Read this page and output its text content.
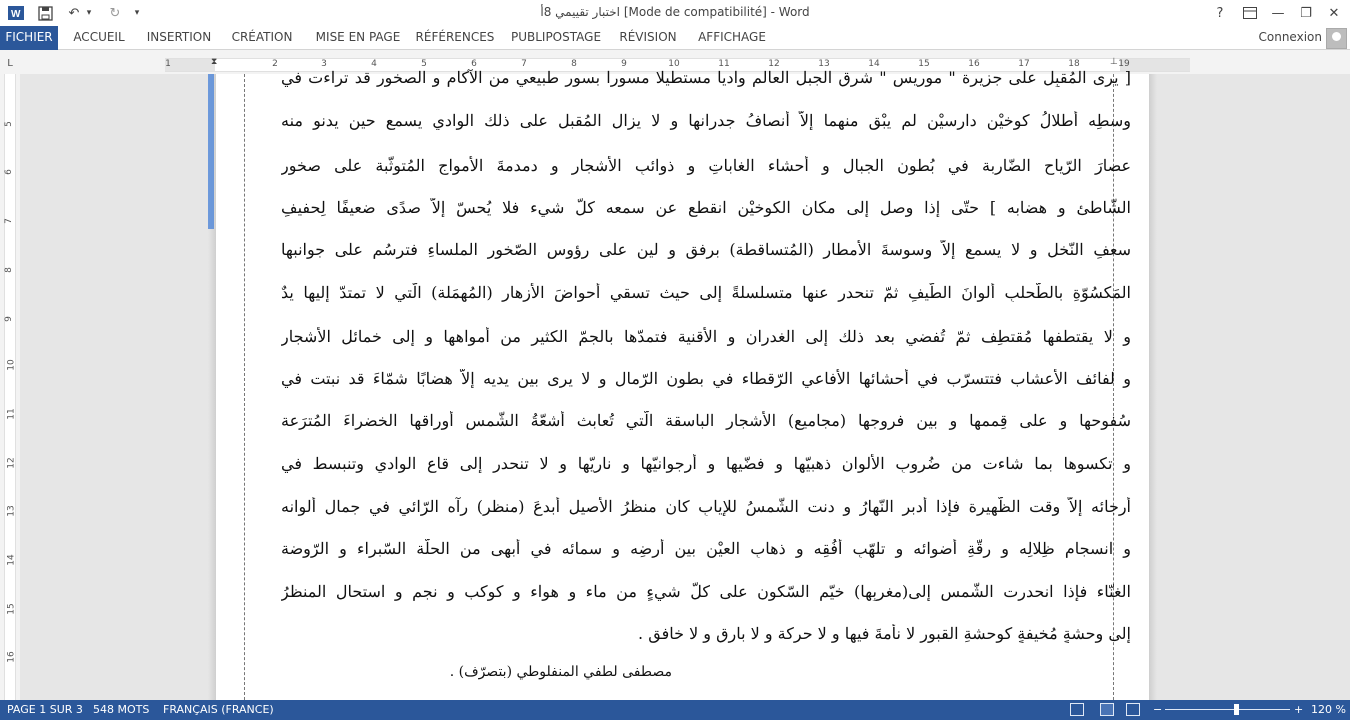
W	↶ ▾	↻	▾	اختبار تقييمي 8أ [Mode de compatibilité] - Word	?	—	❐	✕
FICHIER	ACCUEIL	INSERTION	CRÉATION	MISE EN PAGE	RÉFÉRENCES PUBLIPOSTAGE RÉVISION	AFFICHAGE	Connexion
L	1	2	3	4	5	6	7	8	9	10	11	12	13	14	15	16	17	18	19
⧗	⊥
5
6
7
8
9
10
11
12
13
14
15
16
[ يرى المُقبِل على جزيرة " موريس " شرق الجبل العالم واديا مستطيلا مسورا بسور طبيعي من الآكام و الصخور قد تراءت في
وسطِه أطلالُ كوخيْن دارسيْن لم يبْق منهما إلاّ أنصافُ جدرانها و لا يزال المُقبل على ذلك الوادي يسمع حين يدنو منه
عصارَ الرّياح الضّاربة في بُطونِ الجبالِ و أحشاء الغاباتِ و ذوائبِ الأشجار و دمدمةَ الأمواجِ المُتوثّبة على صخورِ
الشّاطئ و هضابه ] حتّى إذا وصل إلى مكانِ الكوخيْن انقطع عن سمعه كلُّ شيء فلا يُحسّ إلاّ صدًى ضعيفًا لِحفيفِ
سعفِ النّخلِ و لا يسمع إلاّ وسوسةَ الأمطارِ (المُتساقطة) برفقٍ و لينٍ على رؤوس الصّخورِ الملساءِ فترسُم على جوانبها
المَكسُوّةِ بالطّحلبِ ألوانَ الطّيفِ ثمّ تنحدر عنها متسلسلةً إلى حيث تسقي أحواضَ الأزهارِ (المُهمَلة) الّتي لا تمتدّ إليها يدٌ
و لا يقتطفها مُقتطِف ثمّ تُفضي بعد ذلك إلى الغدران و الأقنية فتمدّها بالجمّ الكثيرِ من أمواهها و إلى خمائل الأشجار
و لفائف الأعشاب فتتسرّب في أحشائها الأفاعي الرّقطاء في بطونِ الرّمالِ و لا يرى بين يديه إلاّ هضابًا شمّاءَ قد نبتت في
سُفوحها و على قِممها و بين فروجها (مجاميع) الأشجارِ الباسقة الّتي تُعابث أشعّةُ الشّمس أوراقها الخضراءَ المُترَعة
و تكسوها بما شاءت من ضُروبِ الألوانِ ذهبيّها و فضّيها و أرجوانيّها و ناريّها و لا تنحدر إلى قاعِ الوادي وتنبسط في
أرجائه إلاّ وقت الظّهيرة فإذا أدبر النّهارُ و دنت الشّمسُ للإيابِ كان منظرُ الأصيل أبدعَ (منظرٍ) رآه الرّائي في جمالِ ألوانه
و انسجام ظِلالِه و رقّةِ أضوائه و تلهّبِ أفُقِه و ذهابِ العيْنِ بين أرضِه و سمائه في أبهى من الحلّة السّبراء و الرّوضة
الغنّاء فإذا انحدرت الشّمس إلى(مغربِها) خيّم السّكون على كلّ شيءٍ من ماء و هواء و كوكب و نجم و استحال المنظرُ
إلى وحشةٍ مُخيفةٍ كوحشةِ القبورِ لا نأمةَ فيها و لا حركة و لا بارق و لا خافق .
مصطفى لطفي المنفلوطي (بتصرّف) .
PAGE 1 SUR 3 548 MOTS FRANÇAIS (FRANCE)	−	+ 120 %
